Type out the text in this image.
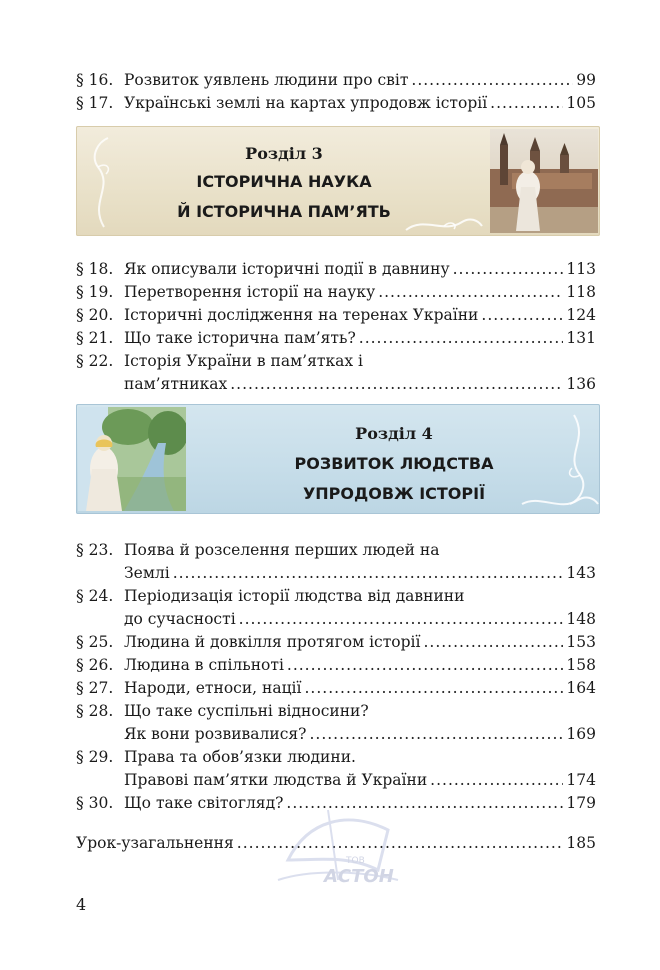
§ 16. Розвиток уявлень людини про світ .....	99
§ 17. Українські землі на картах упродовж історії .....	105
Розділ 3
ІСТОРИЧНА НАУКА
Й ІСТОРИЧНА ПАМ’ЯТЬ
§ 18. Як описували історичні події в давнину .....	113
§ 19. Перетворення історії на науку .....	118
§ 20. Історичні дослідження на теренах України .....	124
§ 21. Що таке історична пам’ять? .....	131
§ 22. Історія України в пам’ятках і
пам’ятниках .....	136
Розділ 4
РОЗВИТОК ЛЮДСТВА
УПРОДОВЖ ІСТОРІЇ
§ 23. Поява й розселення перших людей на
Землі .....	143
§ 24. Періодизація історії людства від давнини
до сучасності .....	148
§ 25. Людина й довкілля протягом історії .....	153
§ 26. Людина в спільноті .....	158
§ 27. Народи, етноси, нації .....	164
§ 28. Що таке суспільні відносини?
Як вони розвивалися? .....	169
§ 29. Права та обов’язки людини.
Правові пам’ятки людства й України .....	174
§ 30. Що таке світогляд? .....	179
Урок-узагальнення .....	185
ТОВ
АСТОН
4
